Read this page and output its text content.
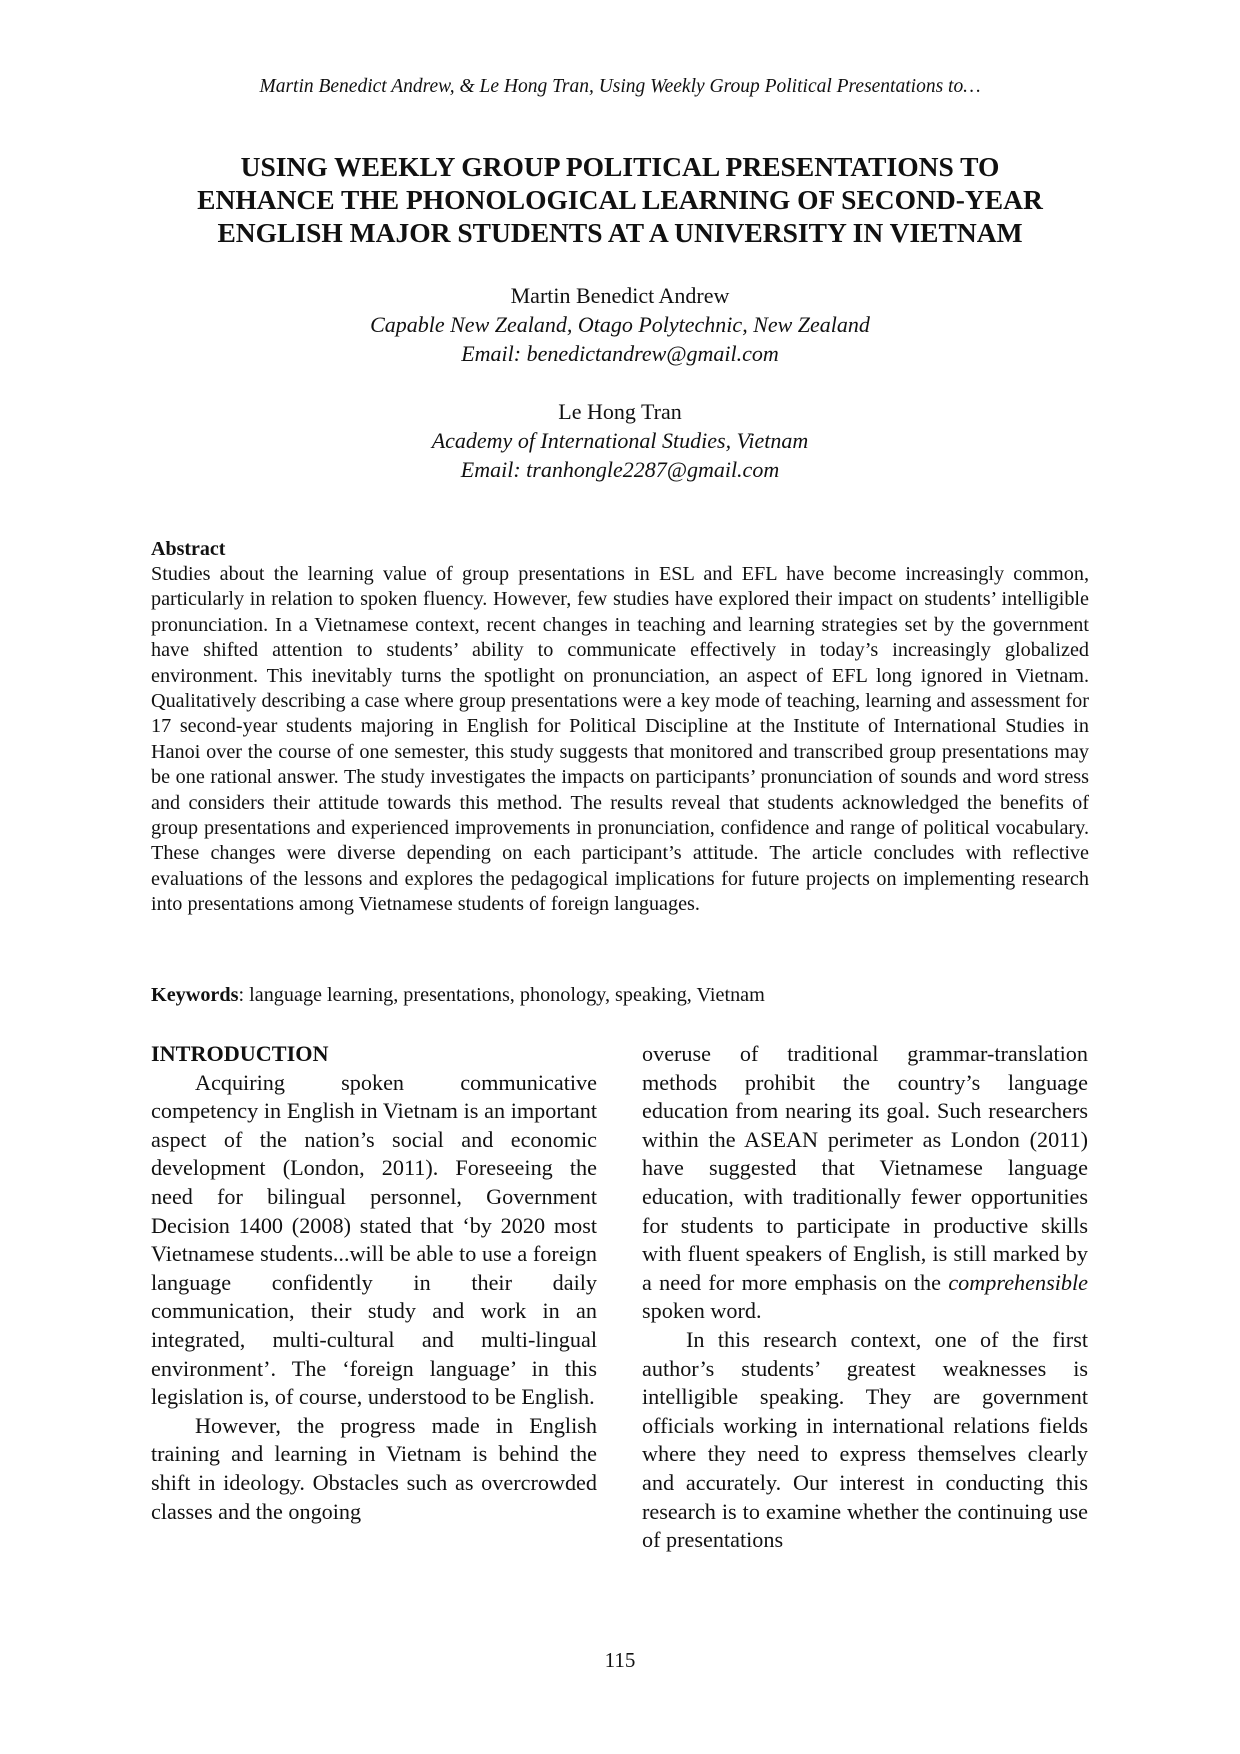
Martin Benedict Andrew, & Le Hong Tran, Using Weekly Group Political Presentations to…
USING WEEKLY GROUP POLITICAL PRESENTATIONS TO
ENHANCE THE PHONOLOGICAL LEARNING OF SECOND-YEAR
ENGLISH MAJOR STUDENTS AT A UNIVERSITY IN VIETNAM
Martin Benedict Andrew
Capable New Zealand, Otago Polytechnic, New Zealand
Email: benedictandrew@gmail.com
Le Hong Tran
Academy of International Studies, Vietnam
Email: tranhongle2287@gmail.com
Abstract

Studies about the learning value of group presentations in ESL and EFL have become increasingly common, particularly in relation to spoken fluency. However, few studies have explored their impact on students’ intelligible pronunciation. In a Vietnamese context, recent changes in teaching and learning strategies set by the government have shifted attention to students’ ability to communicate effectively in today’s increasingly globalized environment. This inevitably turns the spotlight on pronunciation, an aspect of EFL long ignored in Vietnam. Qualitatively describing a case where group presentations were a key mode of teaching, learning and assessment for 17 second-year students majoring in English for Political Discipline at the Institute of International Studies in Hanoi over the course of one semester, this study suggests that monitored and transcribed group presentations may be one rational answer. The study investigates the impacts on participants’ pronunciation of sounds and word stress and considers their attitude towards this method. The results reveal that students acknowledged the benefits of group presentations and experienced improvements in pronunciation, confidence and range of political vocabulary. These changes were diverse depending on each participant’s attitude. The article concludes with reflective evaluations of the lessons and explores the pedagogical implications for future projects on implementing research into presentations among Vietnamese students of foreign languages.

Keywords: language learning, presentations, phonology, speaking, Vietnam
INTRODUCTION

Acquiring spoken communicative competency in English in Vietnam is an important aspect of the nation’s social and economic development (London, 2011). Foreseeing the need for bilingual personnel, Government Decision 1400 (2008) stated that ‘by 2020 most Vietnamese students...will be able to use a foreign language confidently in their daily communication, their study and work in an integrated, multi-cultural and multi-lingual environment’. The ‘foreign language’ in this legislation is, of course, understood to be English.

However, the progress made in English training and learning in Vietnam is behind the shift in ideology. Obstacles such as overcrowded classes and the ongoing

overuse of traditional grammar-translation methods prohibit the country’s language education from nearing its goal. Such researchers within the ASEAN perimeter as London (2011) have suggested that Vietnamese language education, with traditionally fewer opportunities for students to participate in productive skills with fluent speakers of English, is still marked by a need for more emphasis on the comprehensible spoken word.

In this research context, one of the first author’s students’ greatest weaknesses is intelligible speaking. They are government officials working in international relations fields where they need to express themselves clearly and accurately. Our interest in conducting this research is to examine whether the continuing use of presentations

115
